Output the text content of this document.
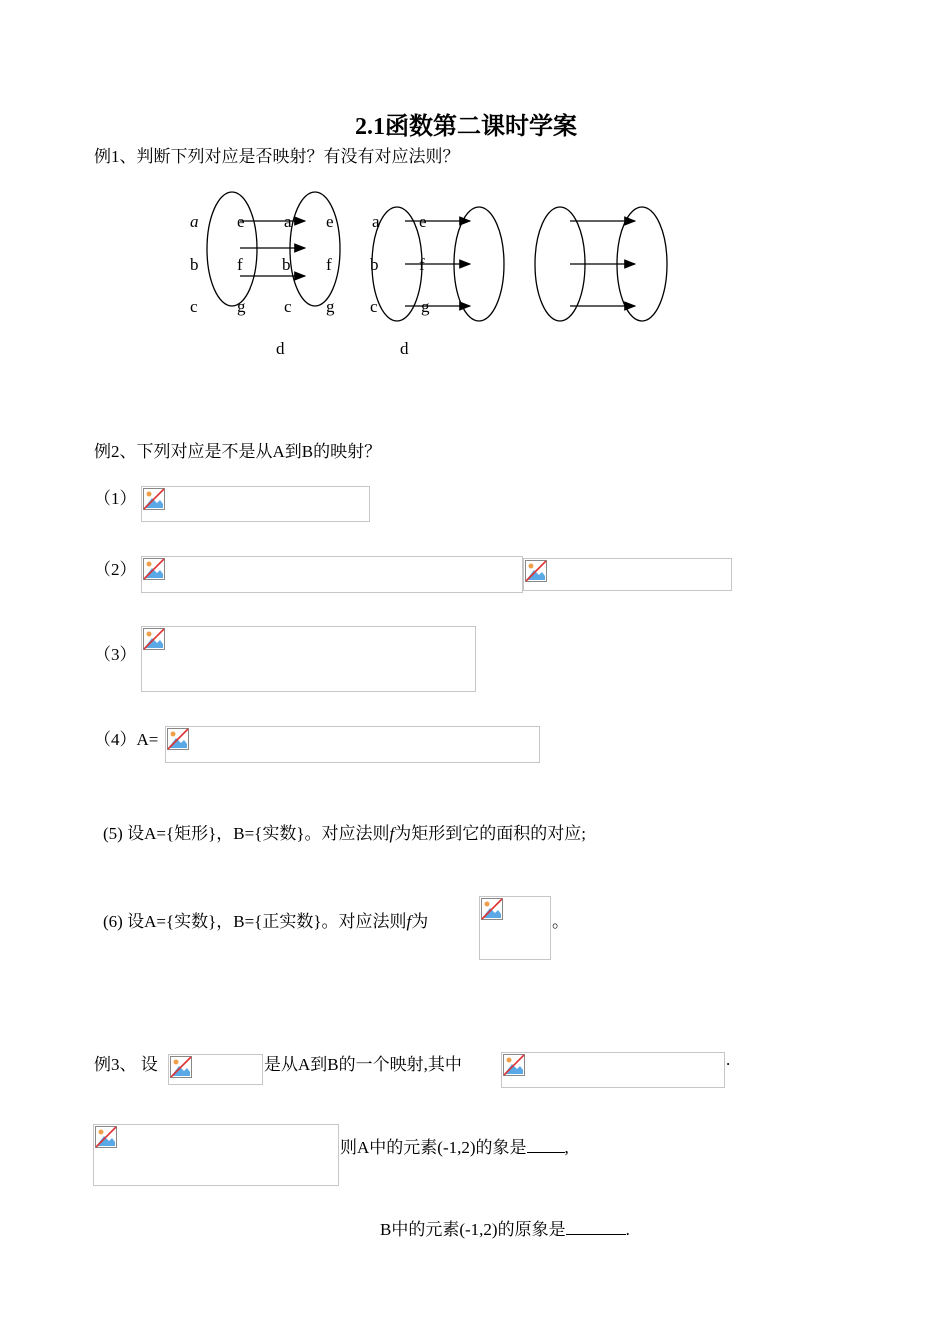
2.1函数第二课时学案
例1、判断下列对应是否映射？有没有对应法则？
a
b
c
e
f
g
a
b
c
e
f
g
a
b
c
e
f
g
d	d
例2、下列对应是不是从A到B的映射？
（1）
（2）
（3）
（4）A=
(5) 设A={矩形}，B={实数}。对应法则f为矩形到它的面积的对应;
(6) 设A={实数}，B={正实数}。对应法则f为	。
例3、 设	是从A到B的一个映射,其中	.
则A中的元素(-1,2)的象是 ,
B中的元素(-1,2)的原象是	.
